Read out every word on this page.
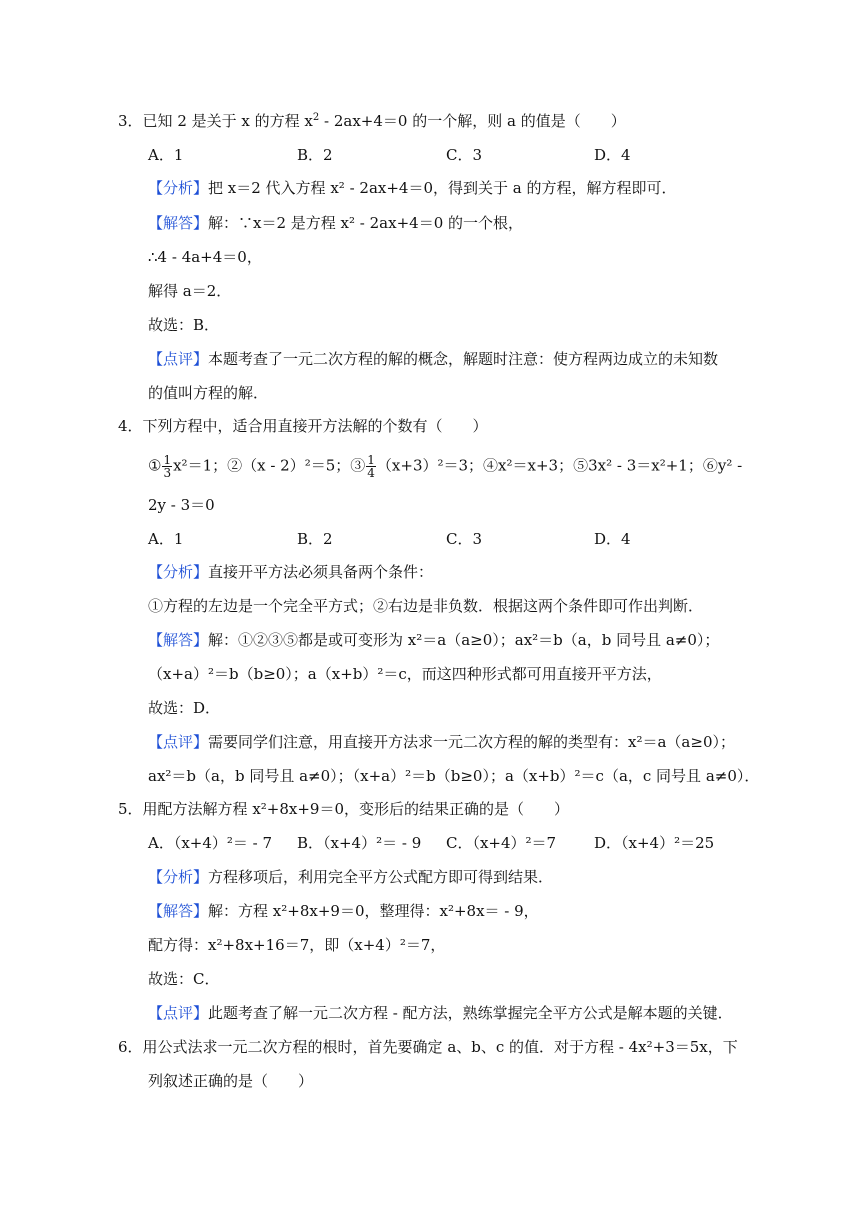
3．已知 2 是关于 x 的方程 $x^2 - 2ax+4=0$ 的一个解，则 a 的值是（　　）
A．1	B．2	C．3	D．4
【分析】把 x＝2 代入方程 x² - 2ax+4＝0，得到关于 a 的方程，解方程即可．
【解答】解：∵x＝2 是方程 x² - 2ax+4＝0 的一个根，
∴4 - 4a+4＝0，
解得 a＝2．
故选：B．
【点评】本题考查了一元二次方程的解的概念，解题时注意：使方程两边成立的未知数
的值叫方程的解．
4．下列方程中，适合用直接开方法解的个数有（　　）
① $\frac{1}{3} x^2=1$；②（x - 2）²＝5；③ $\frac{1}{4} (x+3)^2=3$；④x²＝x+3；⑤3x² - 3＝x²+1；⑥y² -
2y - 3＝0
A．1	B．2	C．3	D．4
【分析】直接开平方法必须具备两个条件：
①方程的左边是一个完全平方式；②右边是非负数．根据这两个条件即可作出判断．
【解答】解：①②③⑤都是或可变形为 x²＝a（a≥0）；ax²＝b（a，b 同号且 a≠0）；
（x+a）²＝b（b≥0）；a（x+b）²＝c，而这四种形式都可用直接开平方法，
故选：D．
【点评】需要同学们注意，用直接开方法求一元二次方程的解的类型有：x²＝a（a≥0）；
ax²＝b（a，b 同号且 a≠0）；（x+a）²＝b（b≥0）；a（x+b）²＝c（a，c 同号且 a≠0）．
5．用配方法解方程 x²+8x+9＝0，变形后的结果正确的是（　　）
A．（x+4）²＝ - 7 B．（x+4）²＝ - 9 C．（x+4）²＝7	D．（x+4）²＝25
【分析】方程移项后，利用完全平方公式配方即可得到结果．
【解答】解：方程 x²+8x+9＝0，整理得：x²+8x＝ - 9，
配方得：x²+8x+16＝7，即（x+4）²＝7，
故选：C．
【点评】此题考查了解一元二次方程 - 配方法，熟练掌握完全平方公式是解本题的关键．
6．用公式法求一元二次方程的根时，首先要确定 a、b、c 的值．对于方程 - 4x²+3＝5x，下
列叙述正确的是（　　）
